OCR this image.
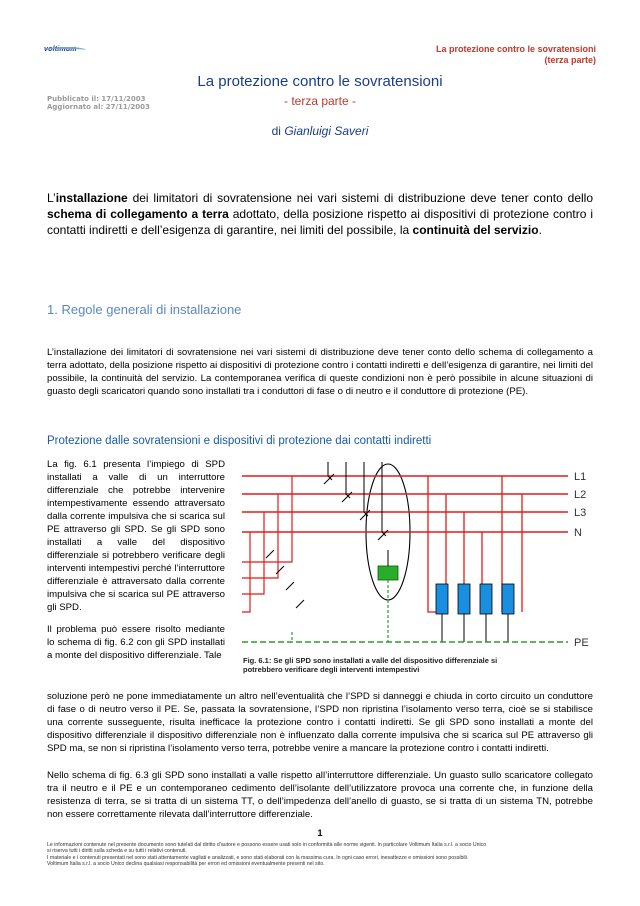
voltimum	La protezione contro le sovratensioni
(terza parte)
Pubblicato il: 17/11/2003
Aggiornato al: 27/11/2003
La protezione contro le sovratensioni
- terza parte -
di Gianluigi Saveri
L’installazione dei limitatori di sovratensione nei vari sistemi di distribuzione deve tener conto dello schema di collegamento a terra adottato, della posizione rispetto ai dispositivi di protezione contro i contatti indiretti e dell’esigenza di garantire, nei limiti del possibile, la continuità del servizio.
1. Regole generali di installazione
L’installazione dei limitatori di sovratensione nei vari sistemi di distribuzione deve tener conto dello schema di collegamento a terra adottato, della posizione rispetto ai dispositivi di protezione contro i contatti indiretti e dell’esigenza di garantire, nei limiti del possibile, la continuità del servizio. La contemporanea verifica di queste condizioni non è però possibile in alcune situazioni di guasto degli scaricatori quando sono installati tra i conduttori di fase o di neutro e il conduttore di protezione (PE).
Protezione dalle sovratensioni e dispositivi di protezione dai contatti indiretti

La fig. 6.1 presenta l’impiego di SPD installati a valle di un interruttore differenziale che potrebbe intervenire intempestivamente essendo attraversato dalla corrente impulsiva che si scarica sul PE attraverso gli SPD. Se gli SPD sono installati a valle del dispositivo differenziale si potrebbero verificare degli interventi intempestivi perché l’interruttore differenziale è attraversato dalla corrente impulsiva che si scarica sul PE attraverso gli SPD.

Il problema può essere risolto mediante lo schema di fig. 6.2 con gli SPD installati a monte del dispositivo differenziale. Tale

L1
L2
L3
N
PE
Fig. 6.1: Se gli SPD sono installati a valle del dispositivo differenziale si
potrebbero verificare degli interventi intempestivi
soluzione però ne pone immediatamente un altro nell’eventualità che l’SPD si danneggi e chiuda in corto circuito un conduttore di fase o di neutro verso il PE. Se, passata la sovratensione, l’SPD non ripristina l’isolamento verso terra, cioè se si stabilisce una corrente susseguente, risulta inefficace la protezione contro i contatti indiretti. Se gli SPD sono installati a monte del dispositivo differenziale il dispositivo differenziale non è influenzato dalla corrente impulsiva che si scarica sul PE attraverso gli SPD ma, se non si ripristina l’isolamento verso terra, potrebbe venire a mancare la protezione contro i contatti indiretti.
Nello schema di fig. 6.3 gli SPD sono installati a valle rispetto all’interruttore differenziale. Un guasto sullo scaricatore collegato tra il neutro e il PE e un contemporaneo cedimento dell’isolante dell’utilizzatore provoca una corrente che, in funzione della resistenza di terra, se si tratta di un sistema TT, o dell’impedenza dell’anello di guasto, se si tratta di un sistema TN, potrebbe non essere correttamente rilevata dall’interruttore differenziale.
1
Le informazioni contenute nel presente documento sono tutelati dal diritto d’autore e possono essere usati solo in conformità alle norme vigenti. In particolare Voltimum Italia s.r.l. a socio Unico
si riserva tutti i diritti sulla scheda e su tutti i relativi contenuti.
I materiale e i contenuti presentati nel sono stati attentamente vagliati e analizzati, e sono stati elaborati con la massima cura. In ogni caso errori, inesattezze e omissioni sono possibili.
Voltimum Italia s.r.l. a socio Unico declina qualsiasi responsabilità per errori ed omissioni eventualmente presenti nel sito.
